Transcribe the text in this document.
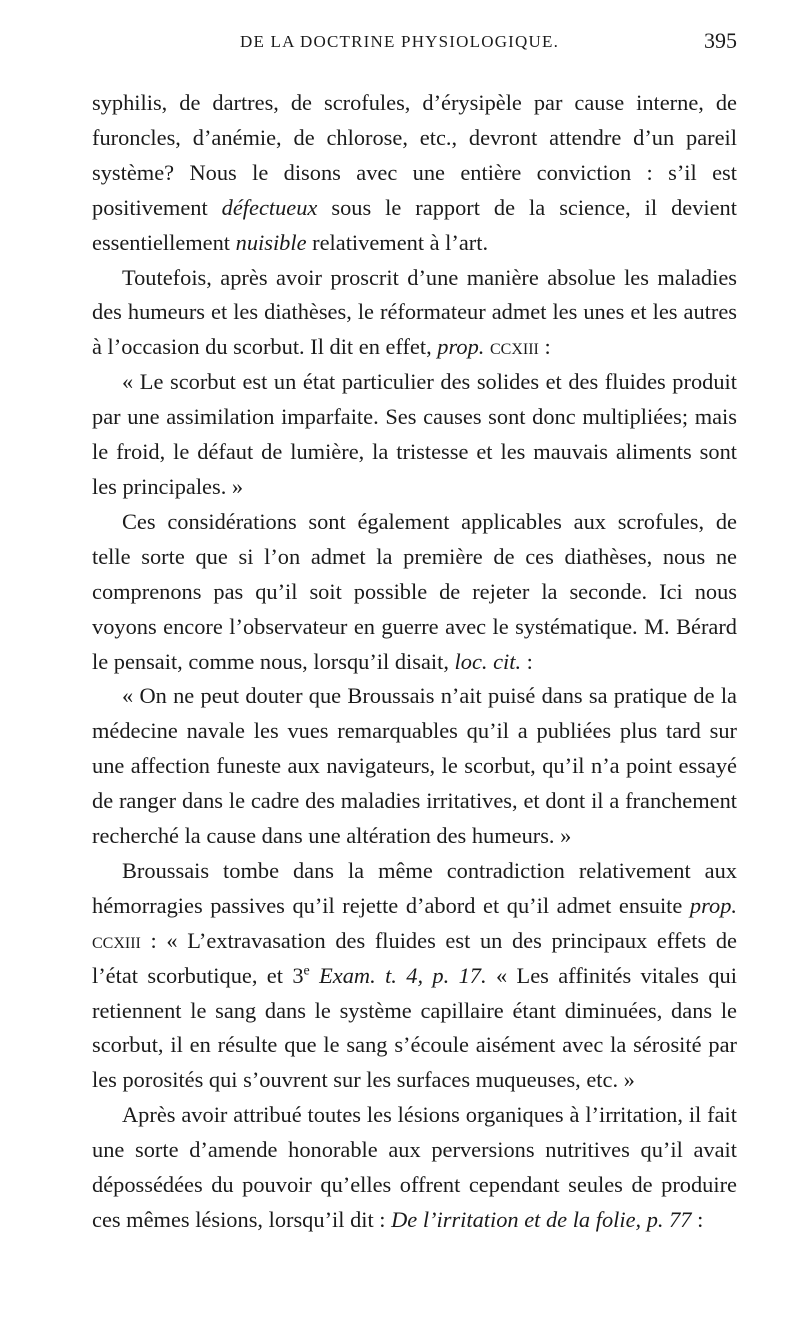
DE LA DOCTRINE PHYSIOLOGIQUE.	395

syphilis, de dartres, de scrofules, d’érysipèle par cause interne, de furoncles, d’anémie, de chlorose, etc., devront attendre d’un pareil système? Nous le disons avec une entière conviction : s’il est positivement défectueux sous le rapport de la science, il devient essentiellement nuisible relativement à l’art.

Toutefois, après avoir proscrit d’une manière absolue les maladies des humeurs et les diathèses, le réformateur admet les unes et les autres à l’occasion du scorbut. Il dit en effet, prop. ccxiii :

« Le scorbut est un état particulier des solides et des fluides produit par une assimilation imparfaite. Ses causes sont donc multipliées; mais le froid, le défaut de lumière, la tristesse et les mauvais aliments sont les principales. »

Ces considérations sont également applicables aux scrofules, de telle sorte que si l’on admet la première de ces diathèses, nous ne comprenons pas qu’il soit possible de rejeter la seconde. Ici nous voyons encore l’observateur en guerre avec le systématique. M. Bérard le pensait, comme nous, lorsqu’il disait, loc. cit. :

« On ne peut douter que Broussais n’ait puisé dans sa pratique de la médecine navale les vues remarquables qu’il a publiées plus tard sur une affection funeste aux navigateurs, le scorbut, qu’il n’a point essayé de ranger dans le cadre des maladies irritatives, et dont il a franchement recherché la cause dans une altération des humeurs. »

Broussais tombe dans la même contradiction relativement aux hémorragies passives qu’il rejette d’abord et qu’il admet ensuite prop. ccxiii : « L’extravasation des fluides est un des principaux effets de l’état scorbutique, et 3e Exam. t. 4, p. 17. « Les affinités vitales qui retiennent le sang dans le système capillaire étant diminuées, dans le scorbut, il en résulte que le sang s’écoule aisément avec la sérosité par les porosités qui s’ouvrent sur les surfaces muqueuses, etc. »

Après avoir attribué toutes les lésions organiques à l’irritation, il fait une sorte d’amende honorable aux perversions nutritives qu’il avait dépossédées du pouvoir qu’elles offrent cependant seules de produire ces mêmes lésions, lorsqu’il dit : De l’irritation et de la folie, p. 77 :
